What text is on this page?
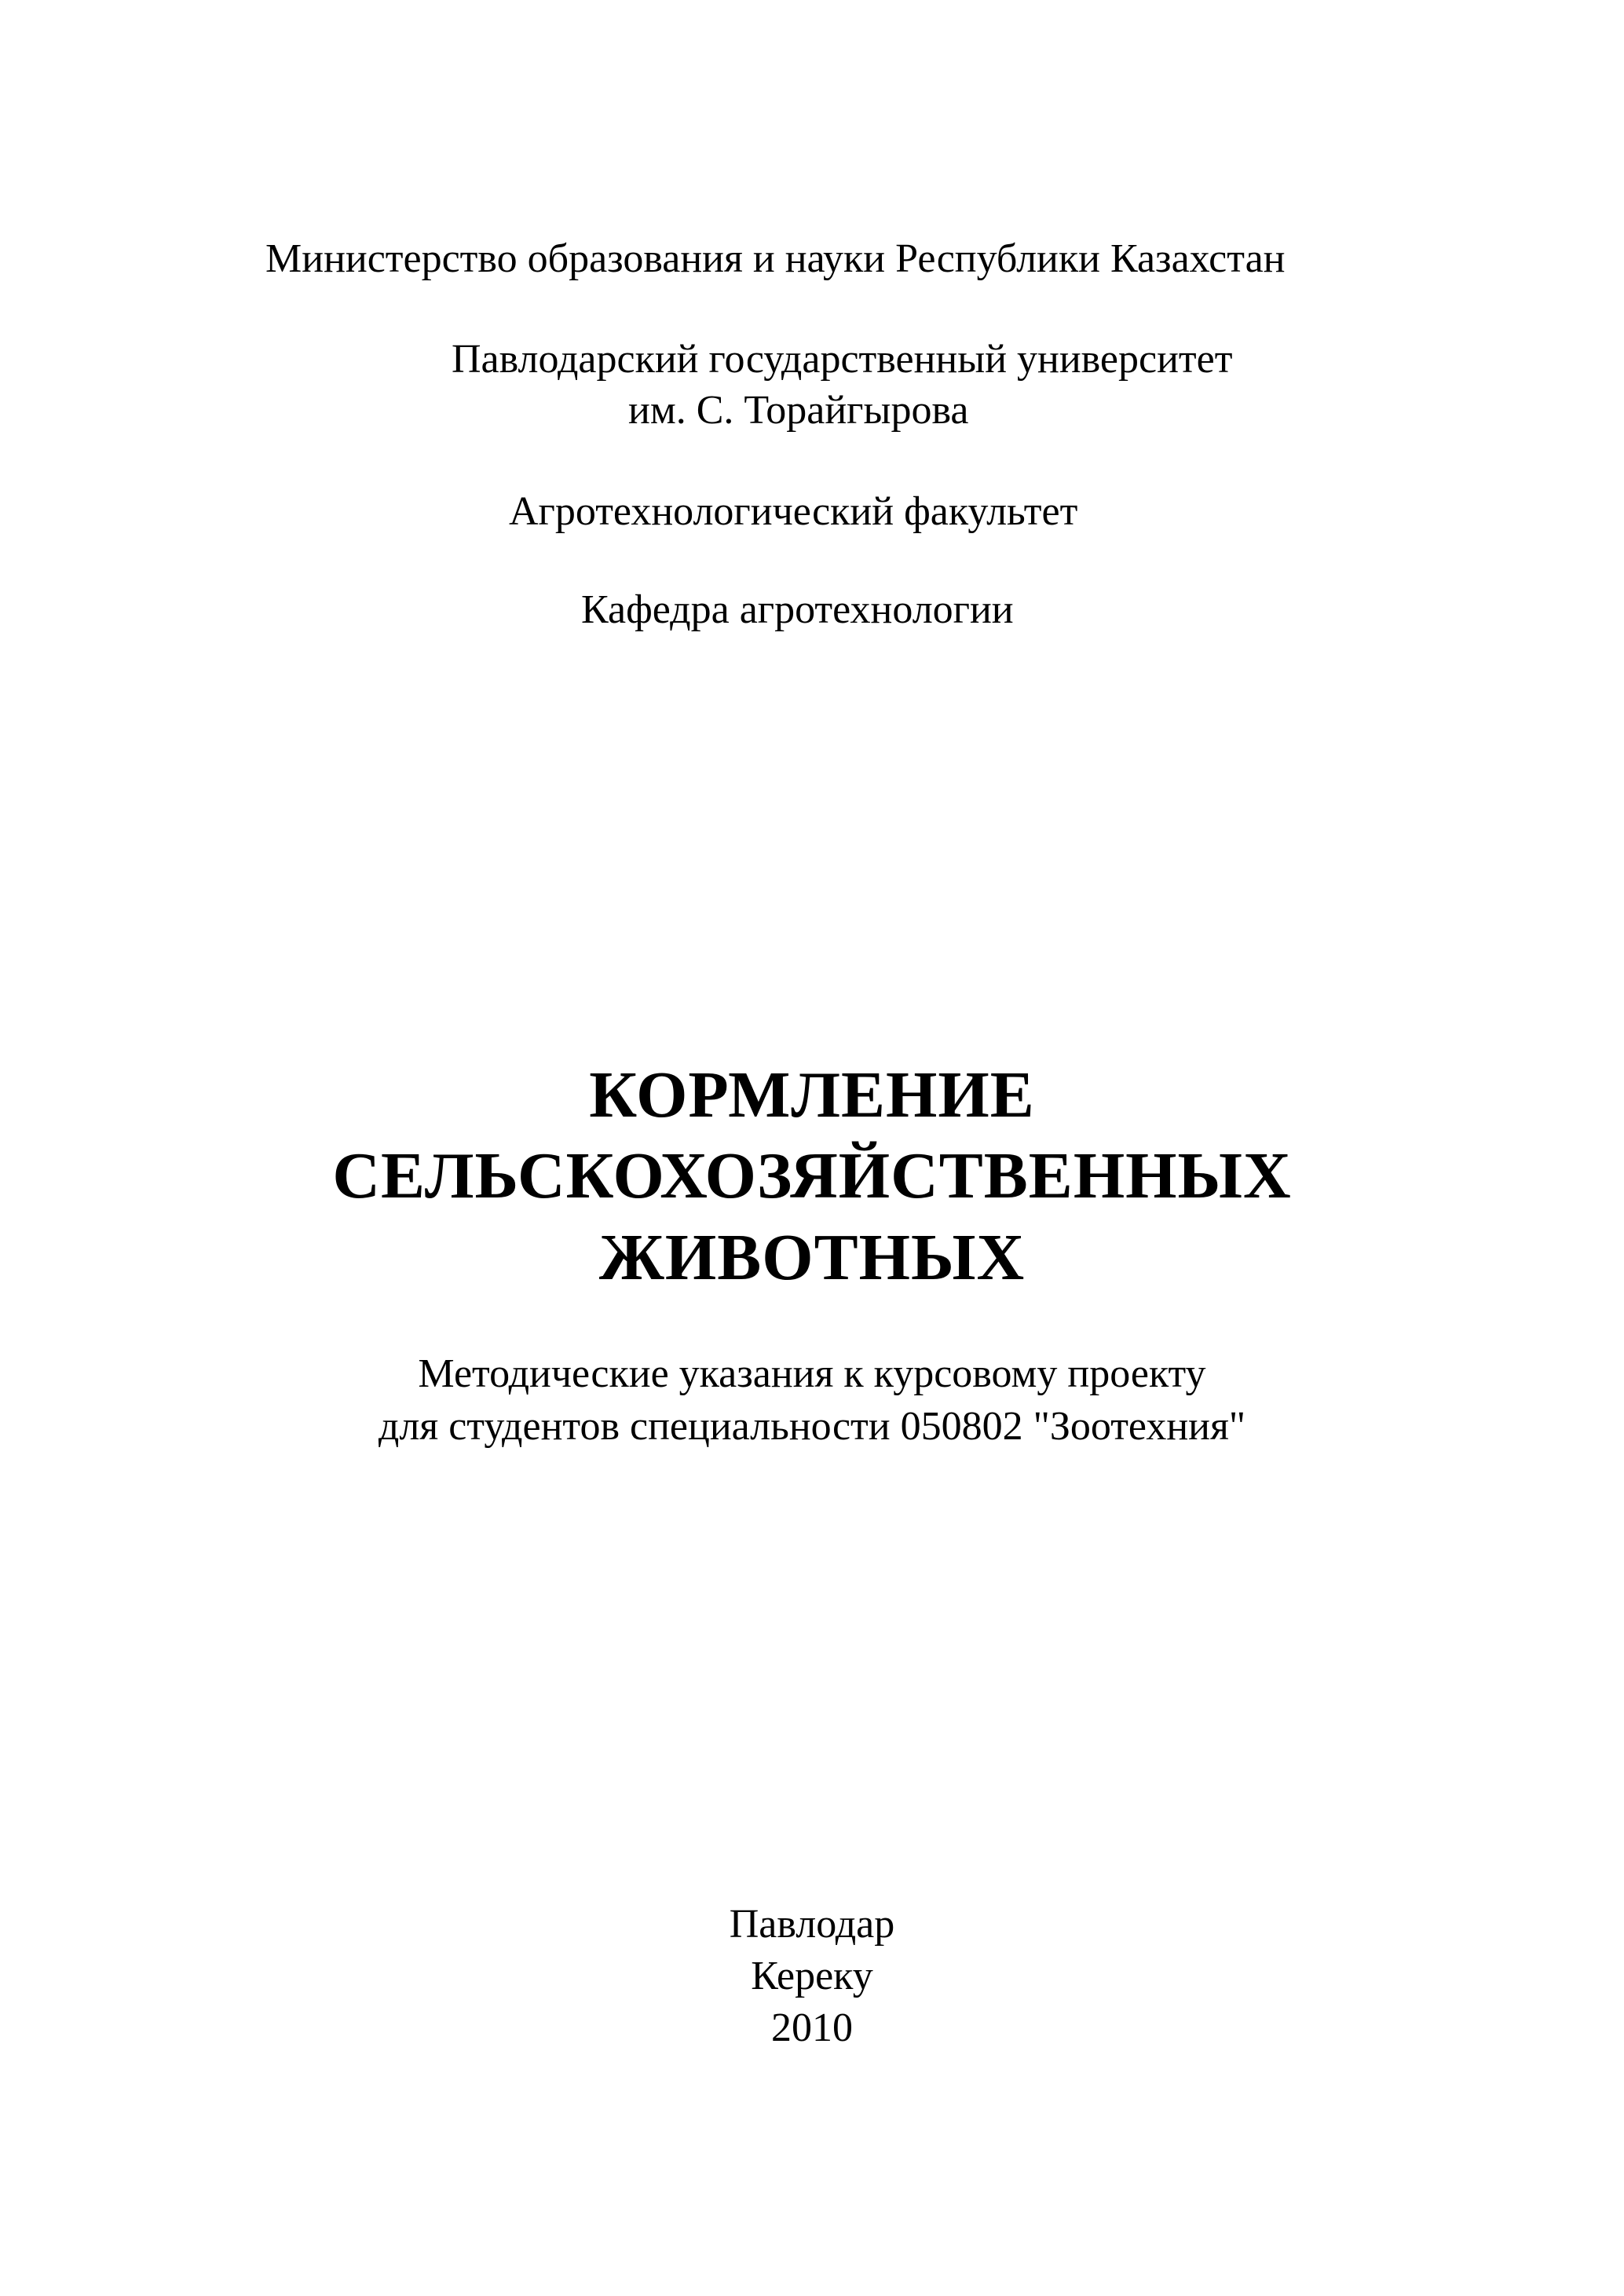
Министерство образования и науки Республики Казахстан
Павлодарский государственный университет
им. С. Торайгырова
Агротехнологический факультет
Кафедра агротехнологии
КОРМЛЕНИЕ
СЕЛЬСКОХОЗЯЙСТВЕННЫХ
ЖИВОТНЫХ
Методические указания к курсовому проекту
для студентов специальности 050802 "Зоотехния"
Павлодар
Кереку
2010
